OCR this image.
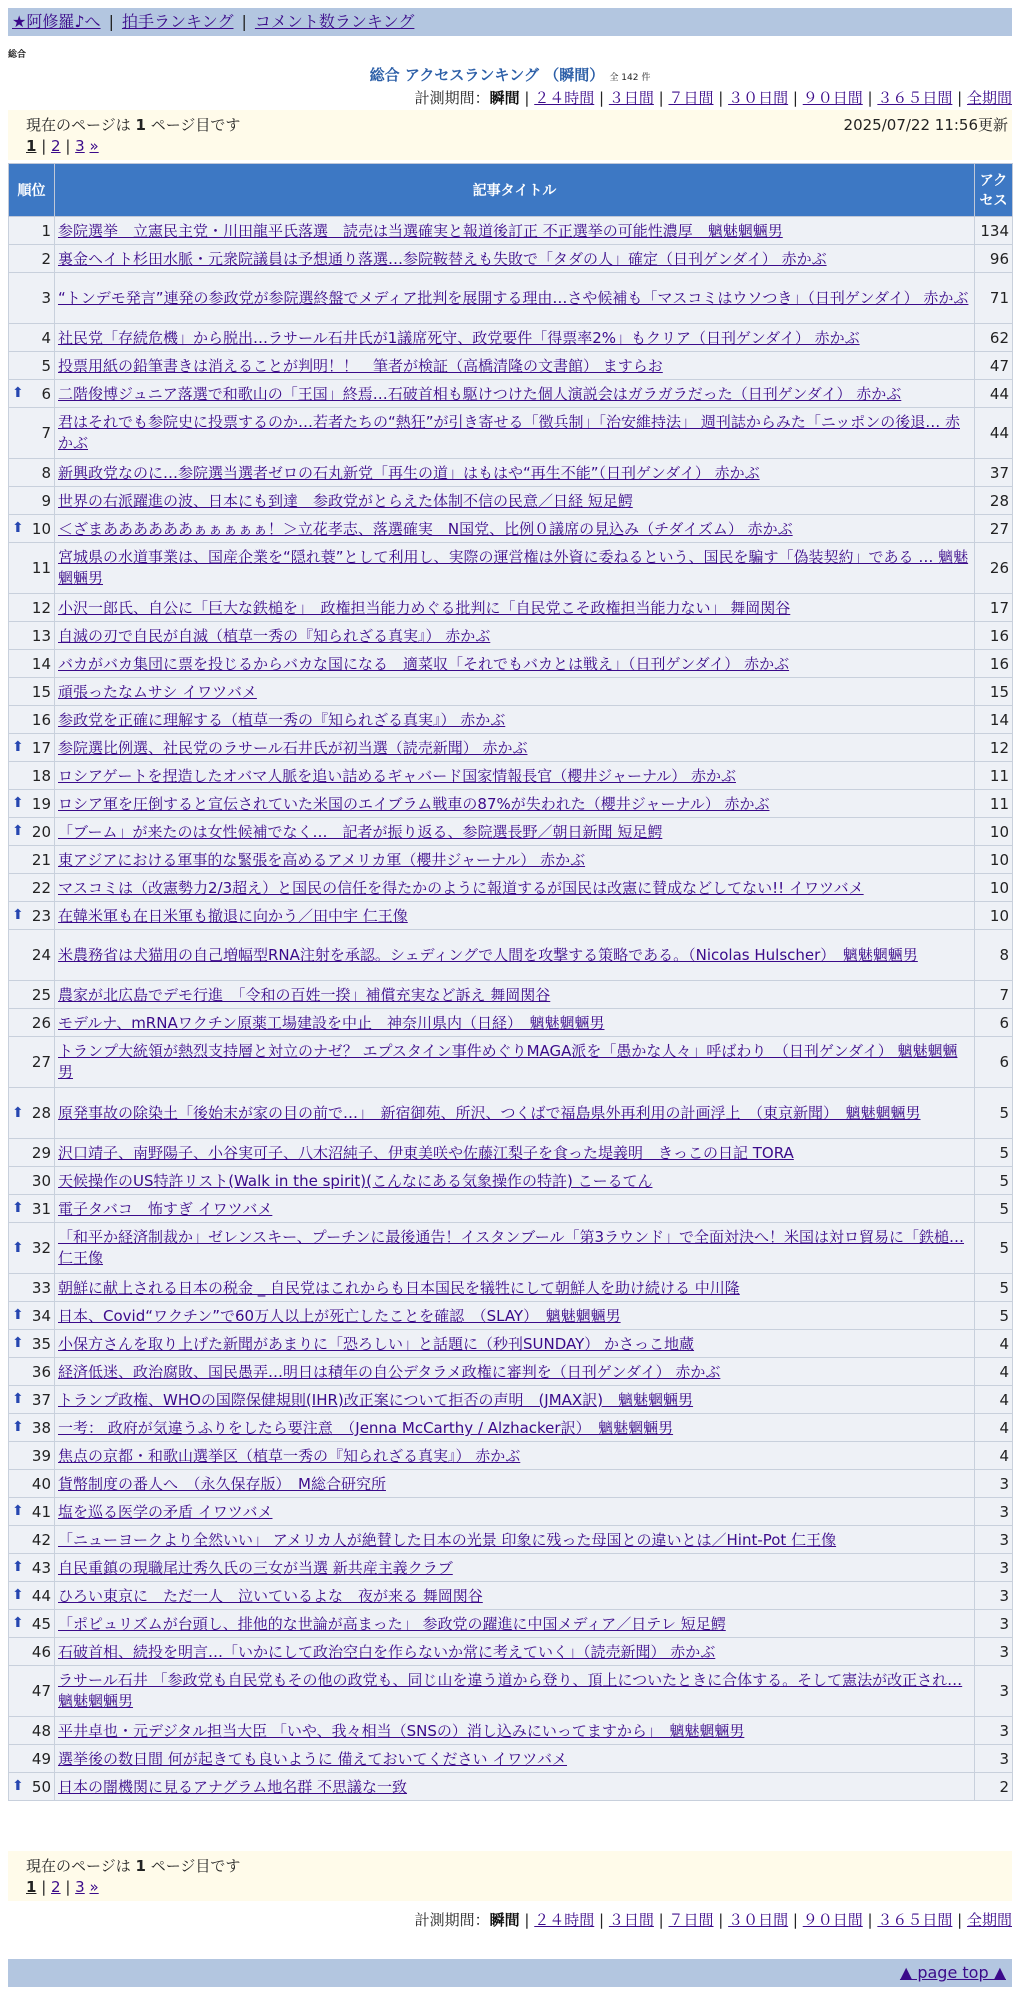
★阿修羅♪へ | 拍手ランキング | コメント数ランキング
総合
総合 アクセスランキング （瞬間） 全 142 件
計測期間：瞬間 | ２４時間 | ３日間 | ７日間 | ３０日間 | ９０日間 | ３６５日間 | 全期間
現在のページは 1 ページ目です	2025/07/22 11:56更新
1 | 2 | 3 »
順位	記事タイトル	アクセス
1	参院選挙　立憲民主党・川田龍平氏落選　読売は当選確実と報道後訂正 不正選挙の可能性濃厚　魑魅魍魎男	134
2	裏金ヘイト杉田水脈・元衆院議員は予想通り落選…参院鞍替えも失敗で「タダの人」確定（日刊ゲンダイ） 赤かぶ	96
3	“トンデモ発言”連発の参政党が参院選終盤でメディア批判を展開する理由…さや候補も「マスコミはウソつき」（日刊ゲンダイ） 赤かぶ	71
4	社民党「存続危機」から脱出…ラサール石井氏が1議席死守、政党要件「得票率2%」もクリア（日刊ゲンダイ） 赤かぶ	62
5	投票用紙の鉛筆書きは消えることが判明！！　筆者が検証（高橋清隆の文書館） ますらお	47

⬆ 6	二階俊博ジュニア落選で和歌山の「王国」終焉…石破首相も駆けつけた個人演説会はガラガラだった（日刊ゲンダイ） 赤かぶ	44
7	君はそれでも参院史に投票するのか…若者たちの“熱狂”が引き寄せる「徴兵制」「治安維持法」 週刊誌からみた「ニッポンの後退… 赤かぶ	44
8	新興政党なのに…参院選当選者ゼロの石丸新党「再生の道」はもはや“再生不能”（日刊ゲンダイ） 赤かぶ	37
9	世界の右派躍進の波、日本にも到達　参政党がとらえた体制不信の民意／日経 短足鰐	28

⬆ 10	＜ざまああああああぁぁぁぁぁ！＞立花孝志、落選確実　N国党、比例０議席の見込み（チダイズム） 赤かぶ	27
11	宮城県の水道事業は、国産企業を“隠れ蓑”として利用し、実際の運営権は外資に委ねるという、国民を騙す「偽装契約」である … 魑魅魍魎男	26
12	小沢一郎氏、自公に「巨大な鉄槌を」　政権担当能力めぐる批判に「自民党こそ政権担当能力ない」 舞岡関谷	17
13	自滅の刃で自民が自滅（植草一秀の『知られざる真実』） 赤かぶ	16
14	バカがバカ集団に票を投じるからバカな国になる　適菜収「それでもバカとは戦え」（日刊ゲンダイ） 赤かぶ	16
15	頑張ったなムサシ イワツバメ	15
16	参政党を正確に理解する（植草一秀の『知られざる真実』） 赤かぶ	14

⬆ 17	参院選比例選、社民党のラサール石井氏が初当選（読売新聞） 赤かぶ	12
18	ロシアゲートを捏造したオバマ人脈を追い詰めるギャバード国家情報長官（櫻井ジャーナル） 赤かぶ	11

⬆ 19	ロシア軍を圧倒すると宣伝されていた米国のエイブラム戦車の87%が失われた（櫻井ジャーナル） 赤かぶ	11

⬆ 20	「ブーム」が来たのは女性候補でなく…　記者が振り返る、参院選長野／朝日新聞 短足鰐	10
21	東アジアにおける軍事的な緊張を高めるアメリカ軍（櫻井ジャーナル） 赤かぶ	10
22	マスコミは（改憲勢力2/3超え）と国民の信任を得たかのように報道するが国民は改憲に賛成などしてない!! イワツバメ	10

⬆ 23	在韓米軍も在日米軍も撤退に向かう／田中宇 仁王像	10
24	米農務省は犬猫用の自己増幅型RNA注射を承認。シェディングで人間を攻撃する策略である。（Nicolas Hulscher）　魑魅魍魎男	8
25	農家が北広島でデモ行進　「令和の百姓一揆」補償充実など訴え 舞岡関谷	7
26	モデルナ、mRNAワクチン原薬工場建設を中止　神奈川県内（日経）　魑魅魍魎男	6
27	トランプ大統領が熱烈支持層と対立のナゼ？ エプスタイン事件めぐりMAGA派を「愚かな人々」呼ばわり　（日刊ゲンダイ） 魑魅魍魎男	6

⬆ 28	原発事故の除染土「後始末が家の目の前で…」　新宿御苑、所沢、つくばで福島県外再利用の計画浮上　（東京新聞）　魑魅魍魎男	5
29	沢口靖子、南野陽子、小谷実可子、八木沼純子、伊東美咲や佐藤江梨子を食った堤義明　きっこの日記 TORA	5
30	天候操作のUS特許リスト(Walk in the spirit)(こんなにある気象操作の特許) こーるてん	5

⬆ 31	電子タバコ　怖すぎ イワツバメ	5

⬆ 32	「和平か経済制裁か」ゼレンスキー、プーチンに最後通告！イスタンブール「第3ラウンド」で全面対決へ！米国は対ロ貿易に「鉄槌… 仁王像	5
33	朝鮮に献上される日本の税金 _ 自民党はこれからも日本国民を犠牲にして朝鮮人を助け続ける 中川隆	5

⬆ 34	日本、Covid“ワクチン”で60万人以上が死亡したことを確認　（SLAY）　魑魅魍魎男	5

⬆ 35	小保方さんを取り上げた新聞があまりに「恐ろしい」と話題に（秒刊SUNDAY） かさっこ地蔵	4
36	経済低迷、政治腐敗、国民愚弄…明日は積年の自公デタラメ政権に審判を（日刊ゲンダイ） 赤かぶ	4

⬆ 37	トランプ政権、WHOの国際保健規則(IHR)改正案について拒否の声明　(JMAX訳)　魑魅魍魎男	4

⬆ 38	一考： 政府が気違うふりをしたら要注意　（Jenna McCarthy / Alzhacker訳）　魑魅魍魎男	4
39	焦点の京都・和歌山選挙区（植草一秀の『知られざる真実』） 赤かぶ	4
40	貨幣制度の番人へ　（永久保存版）　M総合研究所	3

⬆ 41	塩を巡る医学の矛盾 イワツバメ	3
42	「ニューヨークより全然いい」 アメリカ人が絶賛した日本の光景 印象に残った母国との違いとは／Hint-Pot 仁王像	3

⬆ 43	自民重鎮の現職尾辻秀久氏の三女が当選 新共産主義クラブ	3

⬆ 44	ひろい東京に　ただ一人　泣いているよな　夜が来る 舞岡関谷	3

⬆ 45	「ポピュリズムが台頭し、排他的な世論が高まった」 参政党の躍進に中国メディア／日テレ 短足鰐	3
46	石破首相、続投を明言…「いかにして政治空白を作らないか常に考えていく」（読売新聞） 赤かぶ	3
47	ラサール石井 「参政党も自民党もその他の政党も、同じ山を違う道から登り、頂上についたときに合体する。そして憲法が改正され… 魑魅魍魎男	3
48	平井卓也・元デジタル担当大臣 「いや、我々相当（SNSの）消し込みにいってますから」　魑魅魍魎男	3
49	選挙後の数日間 何が起きても良いように 備えておいてください イワツバメ	3

⬆ 50	日本の闇機関に見るアナグラム地名群 不思議な一致	2
現在のページは 1 ページ目です
1 | 2 | 3 »
計測期間：瞬間 | ２４時間 | ３日間 | ７日間 | ３０日間 | ９０日間 | ３６５日間 | 全期間
▲ page top ▲
